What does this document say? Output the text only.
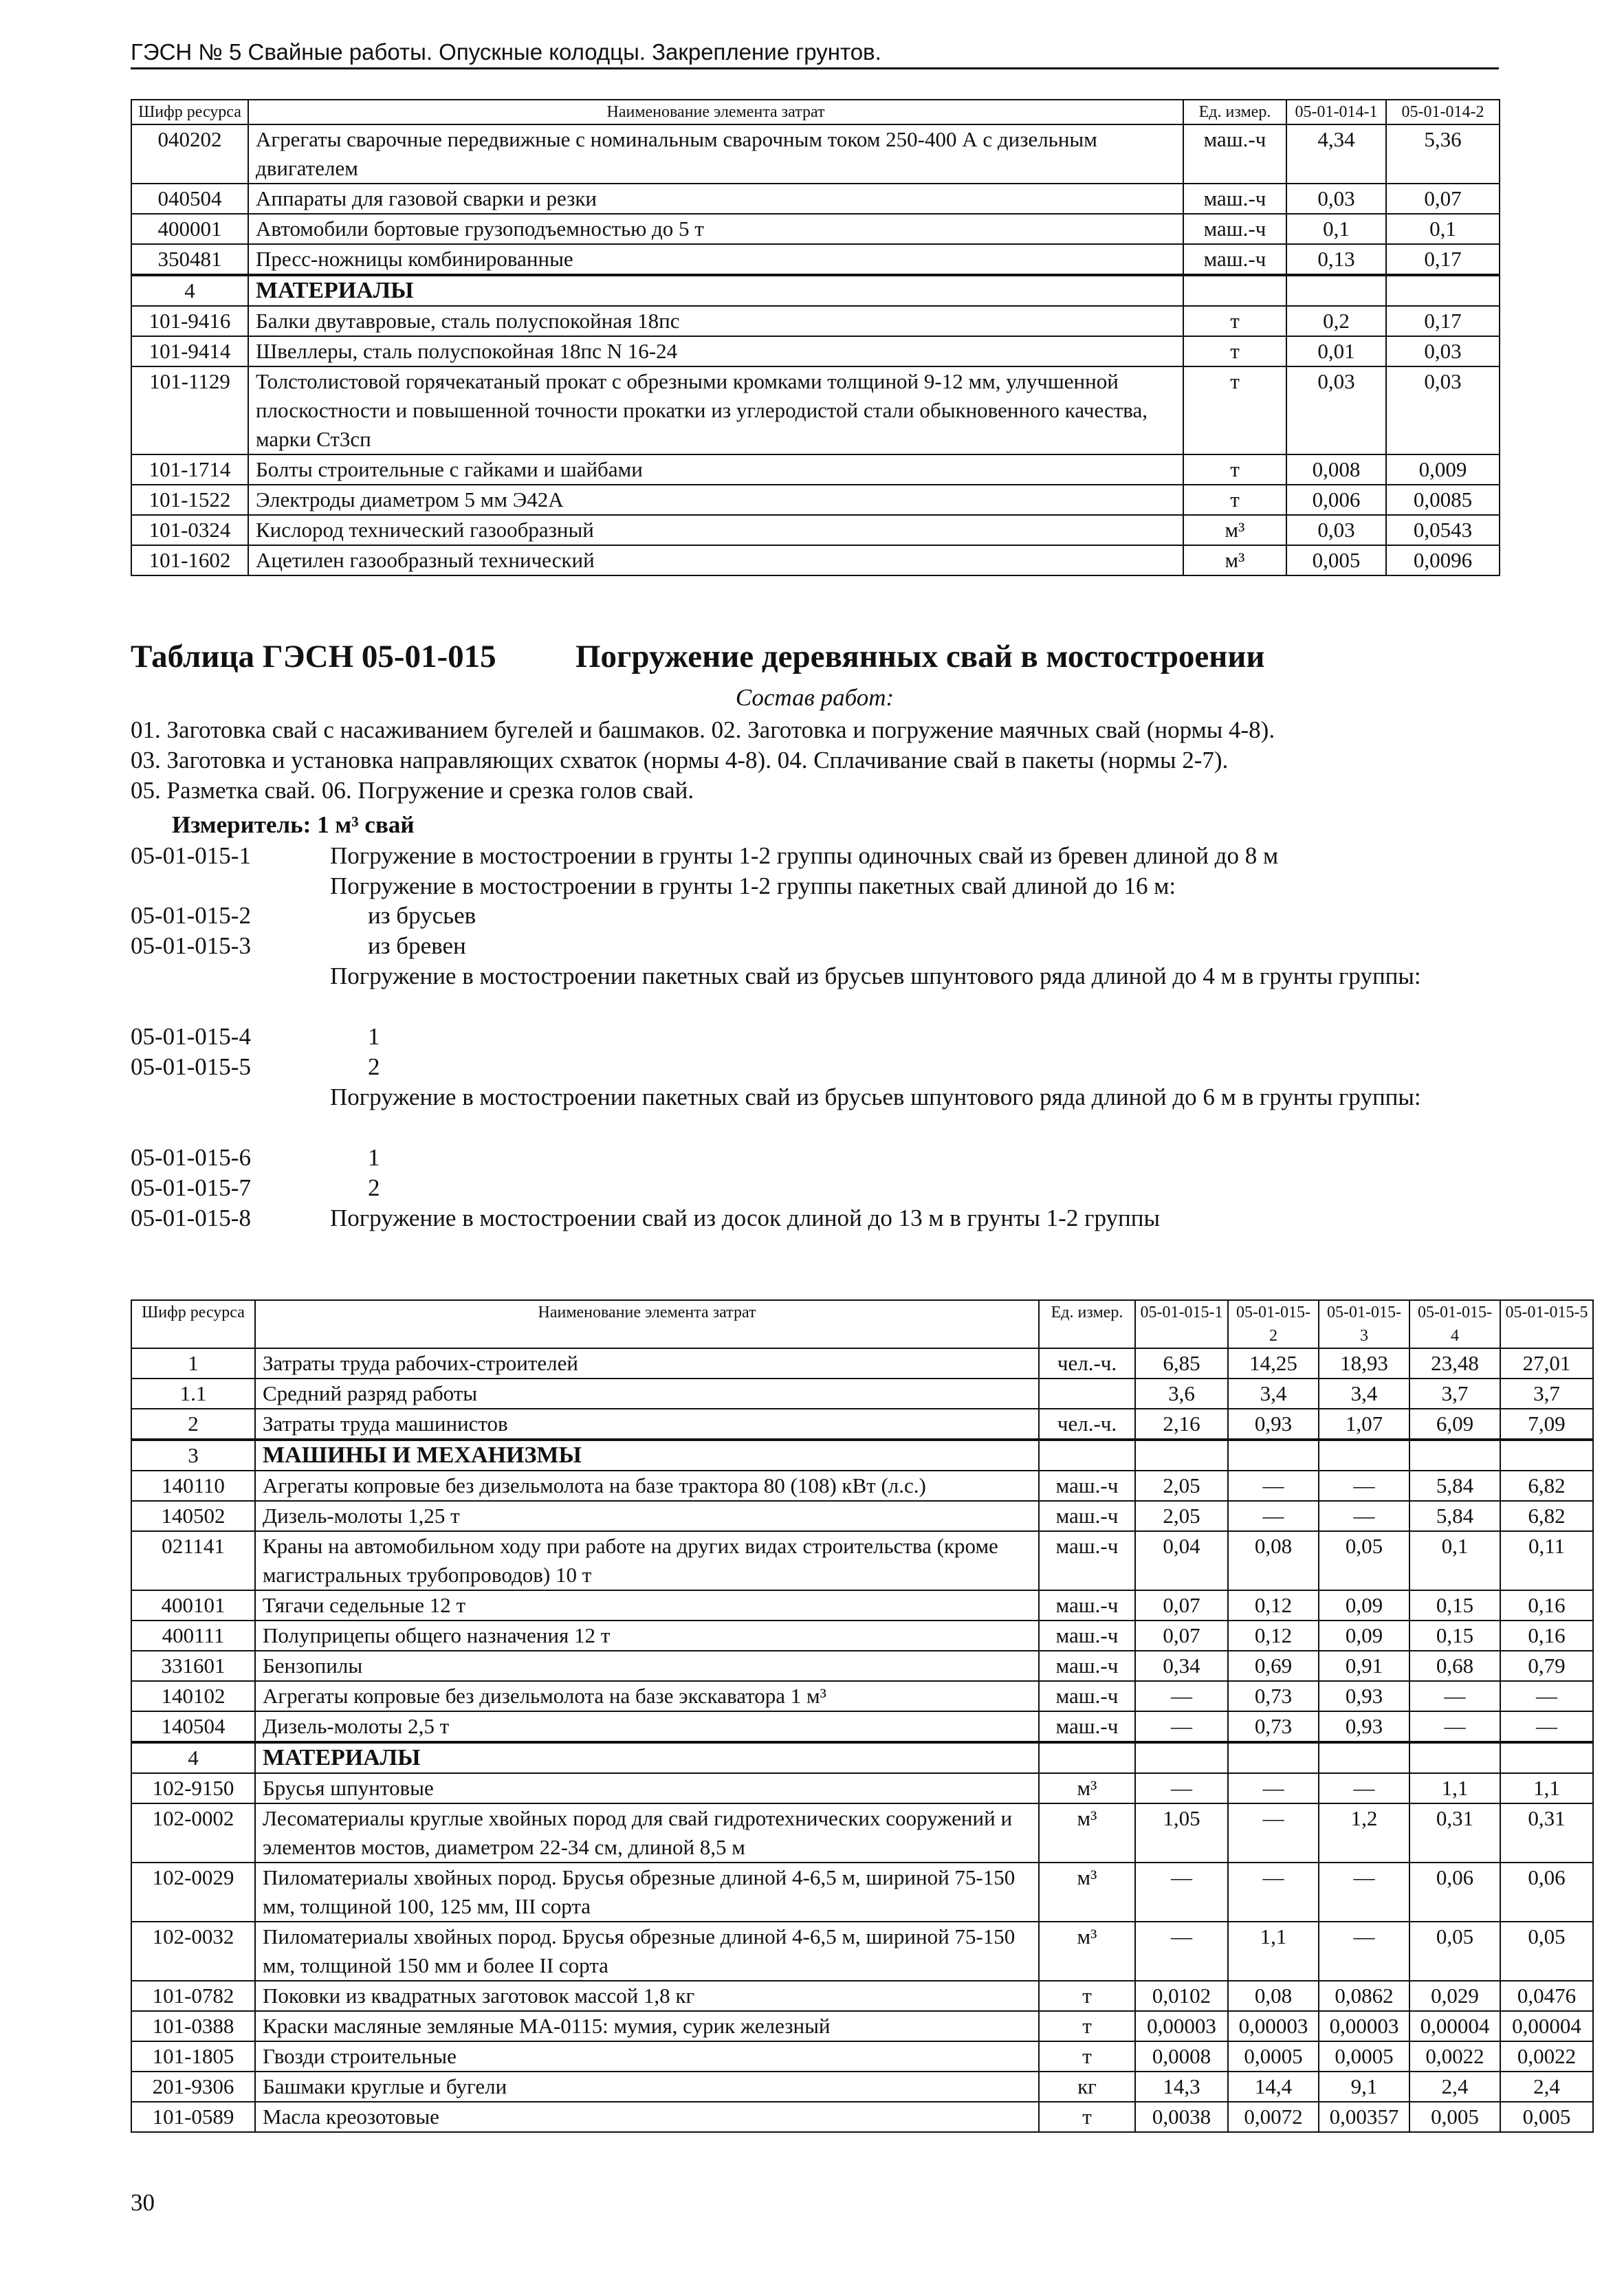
ГЭСН № 5 Свайные работы. Опускные колодцы. Закрепление грунтов.
Шифр ресурса	Наименование элемента затрат	Ед. измер.	05-01-014-1	05-01-014-2
040202	Агрегаты сварочные передвижные с номинальным сварочным током 250-400 А с дизельным двигателем	маш.-ч	4,34	5,36
040504	Аппараты для газовой сварки и резки	маш.-ч	0,03	0,07
400001	Автомобили бортовые грузоподъемностью до 5 т	маш.-ч	0,1	0,1
350481	Пресс-ножницы комбинированные	маш.-ч	0,13	0,17
4	МАТЕРИАЛЫ			
101-9416	Балки двутавровые, сталь полуспокойная 18пс	т	0,2	0,17
101-9414	Швеллеры, сталь полуспокойная 18пс N 16-24	т	0,01	0,03
101-1129	Толстолистовой горячекатаный прокат с обрезными кромками толщиной 9-12 мм, улучшенной плоскостности и повышенной точности прокатки из углеродистой стали обыкновенного качества, марки Ст3сп	т	0,03	0,03
101-1714	Болты строительные с гайками и шайбами	т	0,008	0,009
101-1522	Электроды диаметром 5 мм Э42А	т	0,006	0,0085
101-0324	Кислород технический газообразный	м³	0,03	0,0543
101-1602	Ацетилен газообразный технический	м³	0,005	0,0096
Таблица ГЭСН 05-01-015 Погружение деревянных свай в мостостроении
Состав работ:

01. Заготовка свай с насаживанием бугелей и башмаков. 02. Заготовка и погружение маячных свай (нормы 4-8).

03. Заготовка и установка направляющих схваток (нормы 4-8). 04. Сплачивание свай в пакеты (нормы 2-7).

05. Разметка свай. 06. Погружение и срезка голов свай.

Измеритель: 1 м³ свай
05-01-015-1	Погружение в мостостроении в грунты 1-2 группы одиночных свай из бревен длиной до 8 м
Погружение в мостостроении в грунты 1-2 группы пакетных свай длиной до 16 м:
05-01-015-2	из брусьев
05-01-015-3	из бревен
Погружение в мостостроении пакетных свай из брусьев шпунтового ряда длиной до 4 м в грунты группы:
05-01-015-4	1
05-01-015-5	2
Погружение в мостостроении пакетных свай из брусьев шпунтового ряда длиной до 6 м в грунты группы:
05-01-015-6	1
05-01-015-7	2
05-01-015-8	Погружение в мостостроении свай из досок длиной до 13 м в грунты 1-2 группы
Шифр ресурса	Наименование элемента затрат	Ед. измер.	05-01-015-1	05-01-015-2	05-01-015-3	05-01-015-4	05-01-015-5
1	Затраты труда рабочих-строителей	чел.-ч.	6,85	14,25	18,93	23,48	27,01
1.1	Средний разряд работы		3,6	3,4	3,4	3,7	3,7
2	Затраты труда машинистов	чел.-ч.	2,16	0,93	1,07	6,09	7,09
3	МАШИНЫ И МЕХАНИЗМЫ						
140110	Агрегаты копровые без дизельмолота на базе трактора 80 (108) кВт (л.с.)	маш.-ч	2,05	—	—	5,84	6,82
140502	Дизель-молоты 1,25 т	маш.-ч	2,05	—	—	5,84	6,82
021141	Краны на автомобильном ходу при работе на других видах строительства (кроме магистральных трубопроводов) 10 т	маш.-ч	0,04	0,08	0,05	0,1	0,11
400101	Тягачи седельные 12 т	маш.-ч	0,07	0,12	0,09	0,15	0,16
400111	Полуприцепы общего назначения 12 т	маш.-ч	0,07	0,12	0,09	0,15	0,16
331601	Бензопилы	маш.-ч	0,34	0,69	0,91	0,68	0,79
140102	Агрегаты копровые без дизельмолота на базе экскаватора 1 м³	маш.-ч	—	0,73	0,93	—	—
140504	Дизель-молоты 2,5 т	маш.-ч	—	0,73	0,93	—	—
4	МАТЕРИАЛЫ						
102-9150	Брусья шпунтовые	м³	—	—	—	1,1	1,1
102-0002	Лесоматериалы круглые хвойных пород для свай гидротехнических сооружений и элементов мостов, диаметром 22-34 см, длиной 8,5 м	м³	1,05	—	1,2	0,31	0,31
102-0029	Пиломатериалы хвойных пород. Брусья обрезные длиной 4-6,5 м, шириной 75-150 мм, толщиной 100, 125 мм, III сорта	м³	—	—	—	0,06	0,06
102-0032	Пиломатериалы хвойных пород. Брусья обрезные длиной 4-6,5 м, шириной 75-150 мм, толщиной 150 мм и более II сорта	м³	—	1,1	—	0,05	0,05
101-0782	Поковки из квадратных заготовок массой 1,8 кг	т	0,0102	0,08	0,0862	0,029	0,0476
101-0388	Краски масляные земляные МА-0115: мумия, сурик железный	т	0,00003	0,00003	0,00003	0,00004	0,00004
101-1805	Гвозди строительные	т	0,0008	0,0005	0,0005	0,0022	0,0022
201-9306	Башмаки круглые и бугели	кг	14,3	14,4	9,1	2,4	2,4
101-0589	Масла креозотовые	т	0,0038	0,0072	0,00357	0,005	0,005
30
